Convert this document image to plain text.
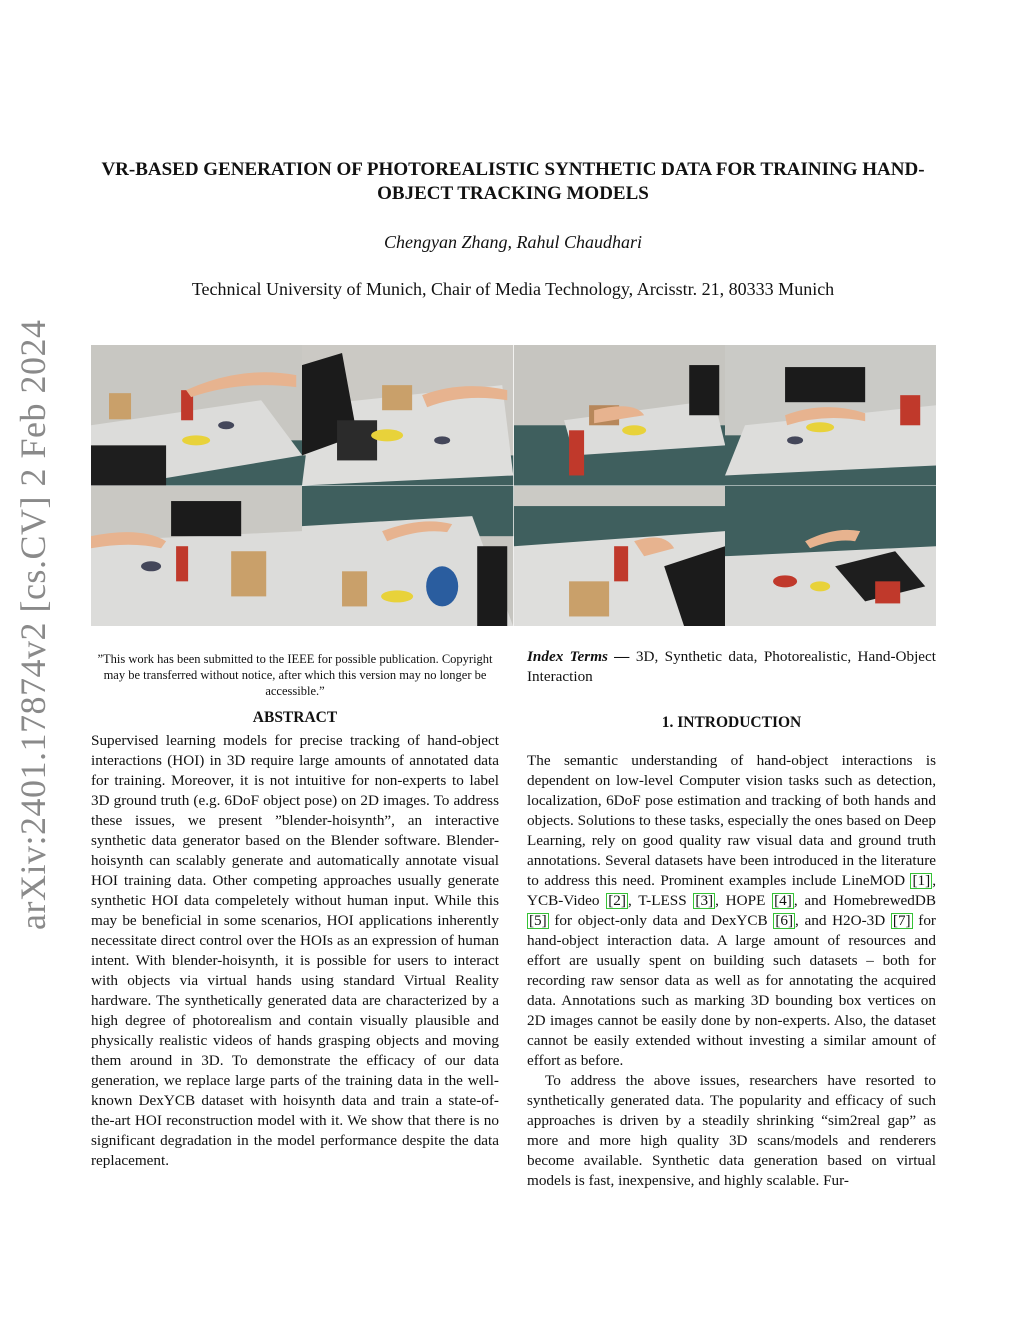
arXiv:2401.17874v2 [cs.CV] 2 Feb 2024
VR-BASED GENERATION OF PHOTOREALISTIC SYNTHETIC DATA FOR TRAINING HAND-OBJECT TRACKING MODELS
Chengyan Zhang, Rahul Chaudhari
Technical University of Munich, Chair of Media Technology, Arcisstr. 21, 80333 Munich
”This work has been submitted to the IEEE for possible publication. Copyright may be transferred without notice, after which this version may no longer be accessible.”
ABSTRACT
Supervised learning models for precise tracking of hand-object interactions (HOI) in 3D require large amounts of annotated data for training. Moreover, it is not intuitive for non-experts to label 3D ground truth (e.g. 6DoF object pose) on 2D images. To address these issues, we present ”blender-hoisynth”, an interactive synthetic data generator based on the Blender software. Blender-hoisynth can scalably generate and automatically annotate visual HOI training data. Other competing approaches usually generate synthetic HOI data compeletely without human input. While this may be beneficial in some scenarios, HOI applications inherently necessitate direct control over the HOIs as an expression of human intent. With blender-hoisynth, it is possible for users to interact with objects via virtual hands using standard Virtual Reality hardware. The synthetically generated data are characterized by a high degree of photorealism and contain visually plausible and physically realistic videos of hands grasping objects and moving them around in 3D. To demonstrate the efficacy of our data generation, we replace large parts of the training data in the well-known DexYCB dataset with hoisynth data and train a state-of-the-art HOI reconstruction model with it. We show that there is no significant degradation in the model performance despite the data replacement.
Index Terms — 3D, Synthetic data, Photorealistic, Hand-Object Interaction
1. INTRODUCTION

The semantic understanding of hand-object interactions is dependent on low-level Computer vision tasks such as detection, localization, 6DoF pose estimation and tracking of both hands and objects. Solutions to these tasks, especially the ones based on Deep Learning, rely on good quality raw visual data and ground truth annotations. Several datasets have been introduced in the literature to address this need. Prominent examples include LineMOD [1] , YCB-Video [2] , T-LESS [3] , HOPE [4] , and HomebrewedDB [5] for object-only data and DexYCB [6] , and H2O-3D [7] for hand-object interaction data. A large amount of resources and effort are usually spent on building such datasets – both for recording raw sensor data as well as for annotating the acquired data. Annotations such as marking 3D bounding box vertices on 2D images cannot be easily done by non-experts. Also, the dataset cannot be easily extended without investing a similar amount of effort as before.

To address the above issues, researchers have resorted to synthetically generated data. The popularity and efficacy of such approaches is driven by a steadily shrinking “sim2real gap” as more and more high quality 3D scans/models and renderers become available. Synthetic data generation based on virtual models is fast, inexpensive, and highly scalable. Fur-
